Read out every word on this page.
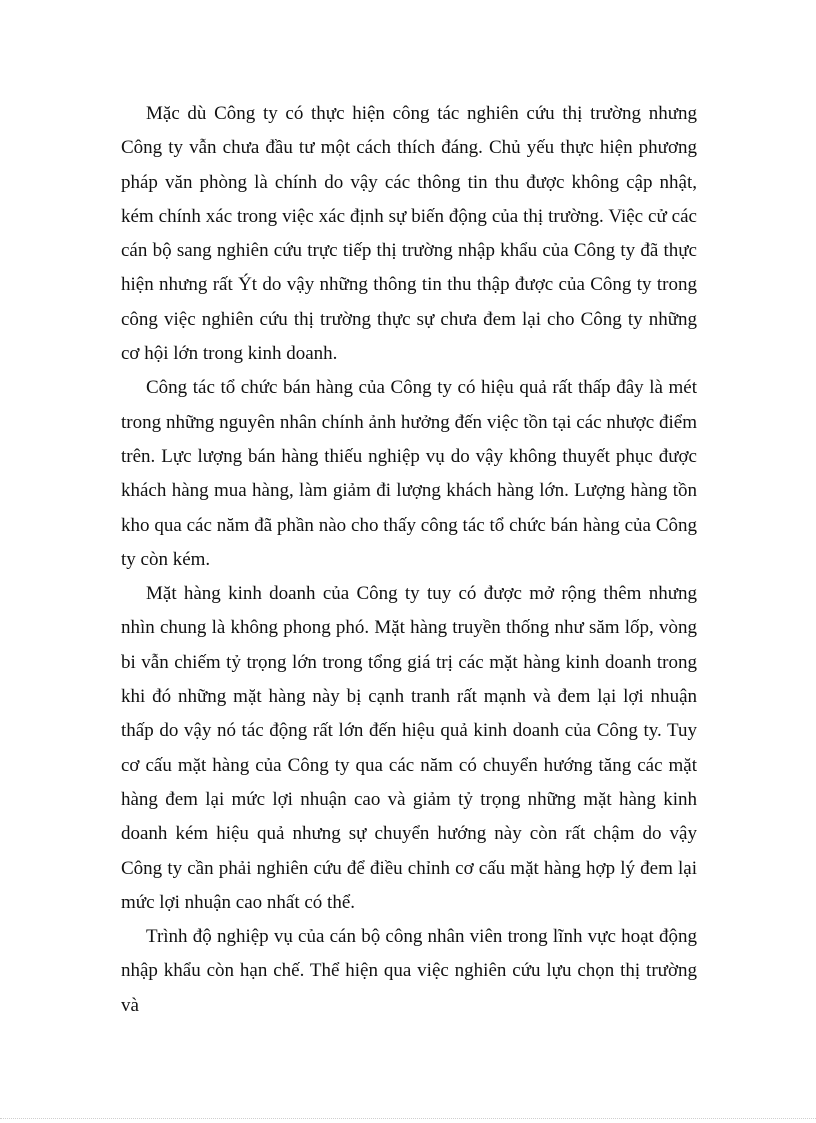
Mặc dù Công ty có thực hiện công tác nghiên cứu thị trường nhưng Công ty vẫn chưa đầu tư một cách thích đáng. Chủ yếu thực hiện phương pháp văn phòng là chính do vậy các thông tin thu được không cập nhật, kém chính xác trong việc xác định sự biến động của thị trường. Việc cử các cán bộ sang nghiên cứu trực tiếp thị trường nhập khẩu của Công ty đã thực hiện nhưng rất Ýt do vậy những thông tin thu thập được của Công ty trong công việc nghiên cứu thị trường thực sự chưa đem lại cho Công ty những cơ hội lớn trong kinh doanh.

Công tác tổ chức bán hàng của Công ty có hiệu quả rất thấp đây là mét trong những nguyên nhân chính ảnh hưởng đến việc tồn tại các nhược điểm trên. Lực lượng bán hàng thiếu nghiệp vụ do vậy không thuyết phục được khách hàng mua hàng, làm giảm đi lượng khách hàng lớn. Lượng hàng tồn kho qua các năm đã phần nào cho thấy công tác tổ chức bán hàng của Công ty còn kém.

Mặt hàng kinh doanh của Công ty tuy có được mở rộng thêm nhưng nhìn chung là không phong phó. Mặt hàng truyền thống như săm lốp, vòng bi vẫn chiếm tỷ trọng lớn trong tổng giá trị các mặt hàng kinh doanh trong khi đó những mặt hàng này bị cạnh tranh rất mạnh và đem lại lợi nhuận thấp do vậy nó tác động rất lớn đến hiệu quả kinh doanh của Công ty. Tuy cơ cấu mặt hàng của Công ty qua các năm có chuyển hướng tăng các mặt hàng đem lại mức lợi nhuận cao và giảm tỷ trọng những mặt hàng kinh doanh kém hiệu quả nhưng sự chuyển hướng này còn rất chậm do vậy Công ty cần phải nghiên cứu để điều chỉnh cơ cấu mặt hàng hợp lý đem lại mức lợi nhuận cao nhất có thể.

Trình độ nghiệp vụ của cán bộ công nhân viên trong lĩnh vực hoạt động nhập khẩu còn hạn chế. Thể hiện qua việc nghiên cứu lựu chọn thị trường và
